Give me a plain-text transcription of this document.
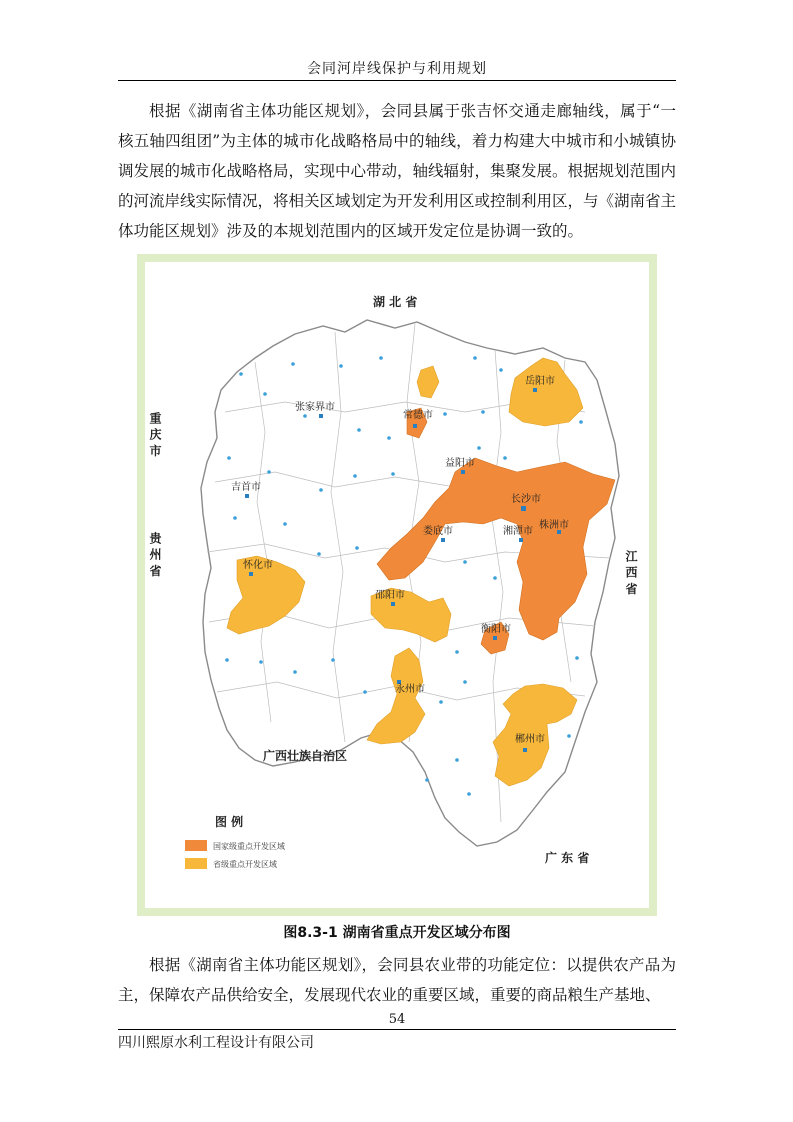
会同河岸线保护与利用规划

根据《湖南省主体功能区规划》，会同县属于张吉怀交通走廊轴线，属于“一核五轴四组团”为主体的城市化战略格局中的轴线，着力构建大中城市和小城镇协调发展的城市化战略格局，实现中心带动，轴线辐射，集聚发展。根据规划范围内的河流岸线实际情况，将相关区域划定为开发利用区或控制利用区，与《湖南省主体功能区规划》涉及的本规划范围内的区域开发定位是协调一致的。

湖 北 省
广西壮族自治区
广 东 省
重 庆 市
贵 州 省	江 西 省
长沙市
株洲市
湘潭市
益阳市
娄底市
常德市
岳阳市
张家界市
吉首市
怀化市
邵阳市
衡阳市
永州市
郴州市
图 例
国家级重点开发区域
省级重点开发区域
图8.3-1 湖南省重点开发区域分布图

根据《湖南省主体功能区规划》，会同县农业带的功能定位：以提供农产品为主，保障农产品供给安全，发展现代农业的重要区域，重要的商品粮生产基地、

54
四川熙原水利工程设计有限公司
